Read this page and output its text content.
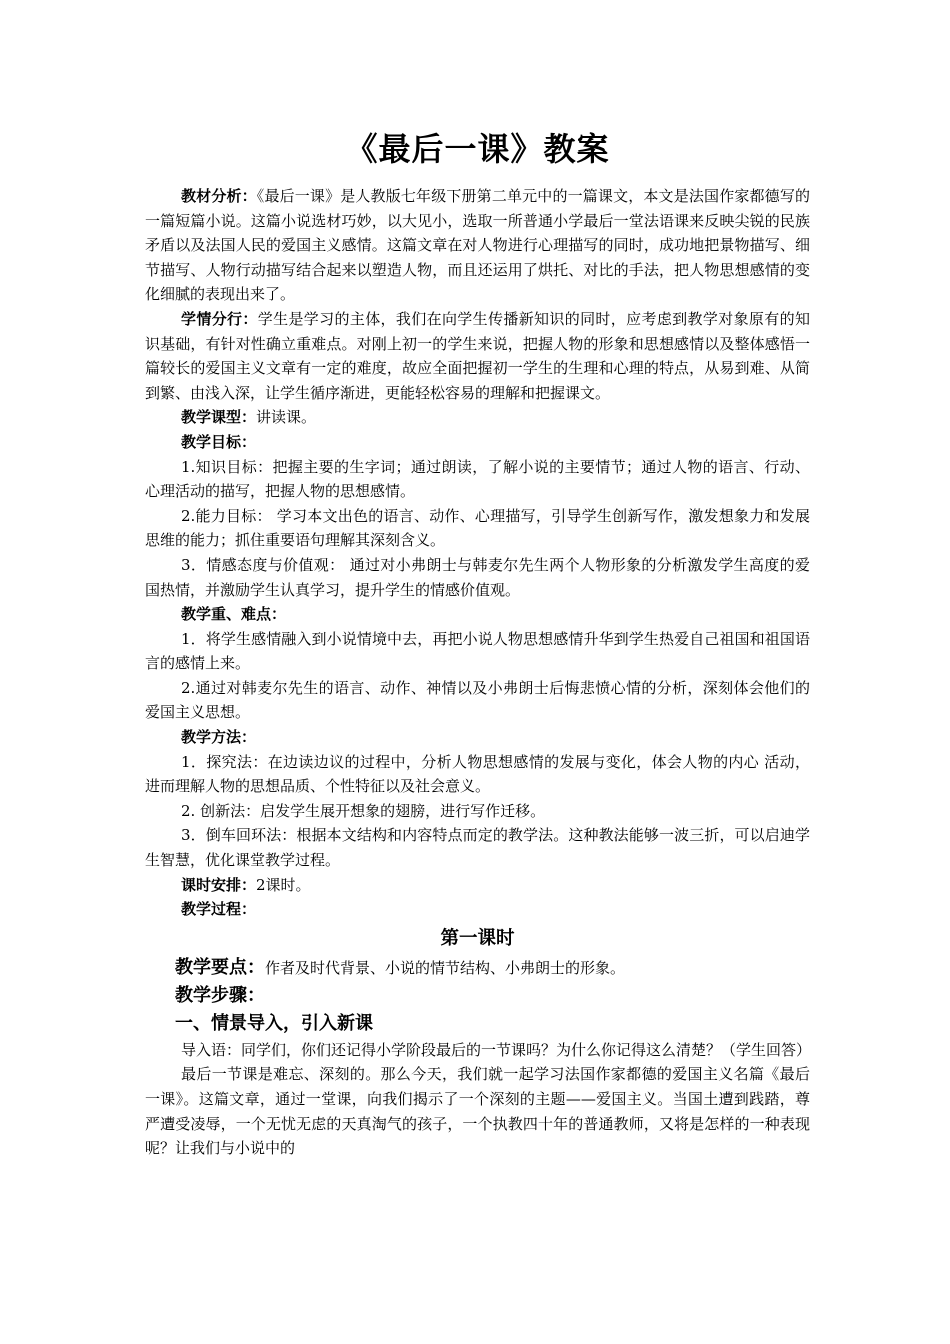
《最后一课》教案

教材分析：《最后一课》是人教版七年级下册第二单元中的一篇课文，本文是法国作家都德写的一篇短篇小说。这篇小说选材巧妙，以大见小，选取一所普通小学最后一堂法语课来反映尖锐的民族矛盾以及法国人民的爱国主义感情。这篇文章在对人物进行心理描写的同时，成功地把景物描写、细节描写、人物行动描写结合起来以塑造人物，而且还运用了烘托、对比的手法，把人物思想感情的变化细腻的表现出来了。

学情分行：学生是学习的主体，我们在向学生传播新知识的同时，应考虑到教学对象原有的知识基础，有针对性确立重难点。对刚上初一的学生来说，把握人物的形象和思想感情以及整体感悟一篇较长的爱国主义文章有一定的难度，故应全面把握初一学生的生理和心理的特点，从易到难、从简到繁、由浅入深，让学生循序渐进，更能轻松容易的理解和把握课文。

教学课型：讲读课。

教学目标：

1.知识目标：把握主要的生字词；通过朗读，了解小说的主要情节；通过人物的语言、行动、心理活动的描写，把握人物的思想感情。

2.能力目标： 学习本文出色的语言、动作、心理描写，引导学生创新写作，激发想象力和发展思维的能力；抓住重要语句理解其深刻含义。

3．情感态度与价值观： 通过对小弗朗士与韩麦尔先生两个人物形象的分析激发学生高度的爱国热情，并激励学生认真学习，提升学生的情感价值观。

教学重、难点：

1．将学生感情融入到小说情境中去，再把小说人物思想感情升华到学生热爱自己祖国和祖国语言的感情上来。

2.通过对韩麦尔先生的语言、动作、神情以及小弗朗士后悔悲愤心情的分析，深刻体会他们的爱国主义思想。

教学方法：

1．探究法：在边读边议的过程中，分析人物思想感情的发展与变化，体会人物的内心 活动，进而理解人物的思想品质、个性特征以及社会意义。

2. 创新法：启发学生展开想象的翅膀，进行写作迁移。

3．倒车回环法：根据本文结构和内容特点而定的教学法。这种教法能够一波三折，可以启迪学生智慧，优化课堂教学过程。

课时安排：2课时。

教学过程：

第一课时

教学要点：作者及时代背景、小说的情节结构、小弗朗士的形象。

教学步骤：

一、情景导入，引入新课

导入语：同学们，你们还记得小学阶段最后的一节课吗？为什么你记得这么清楚？（学生回答）

最后一节课是难忘、深刻的。那么今天，我们就一起学习法国作家都德的爱国主义名篇《最后一课》。这篇文章，通过一堂课，向我们揭示了一个深刻的主题——爱国主义。当国土遭到践踏，尊严遭受凌辱，一个无忧无虑的天真淘气的孩子，一个执教四十年的普通教师，又将是怎样的一种表现呢？让我们与小说中的
